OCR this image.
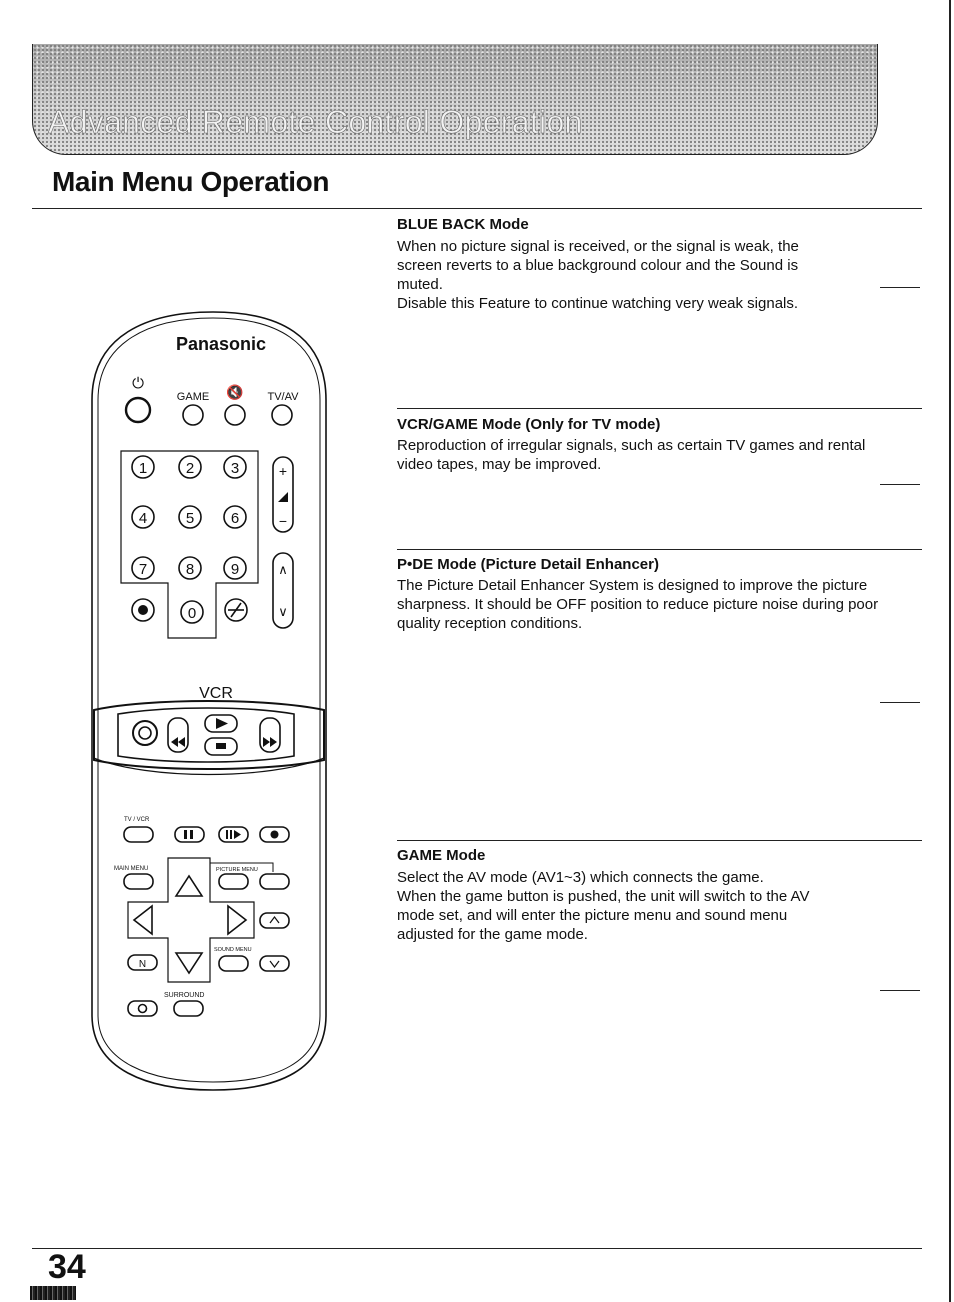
Advanced Remote Control Operation
Main Menu Operation
BLUE BACK Mode

When no picture signal is received, or the signal is weak, the screen reverts to a blue background colour and the Sound is muted.

Disable this Feature to continue watching very weak signals.

VCR/GAME Mode (Only for TV mode)

Reproduction of irregular signals, such as certain TV games and rental video tapes, may be improved.

P•DE Mode (Picture Detail Enhancer)

The Picture Detail Enhancer System is designed to improve the picture sharpness. It should be OFF position to reduce picture noise during poor quality reception conditions.

GAME Mode

Select the AV mode (AV1~3) which connects the game.

When the game button is pushed, the unit will switch to the AV mode set, and will enter the picture menu and sound menu adjusted for the game mode.

Panasonic
⏻
GAME 🔇 TV/AV
1	2 3
4	5 6
7	8 9
0
+
−
∧
∨
VCR
TV / VCR
MAIN MENU	PICTURE MENU
N
SOUND MENU
SURROUND
34
